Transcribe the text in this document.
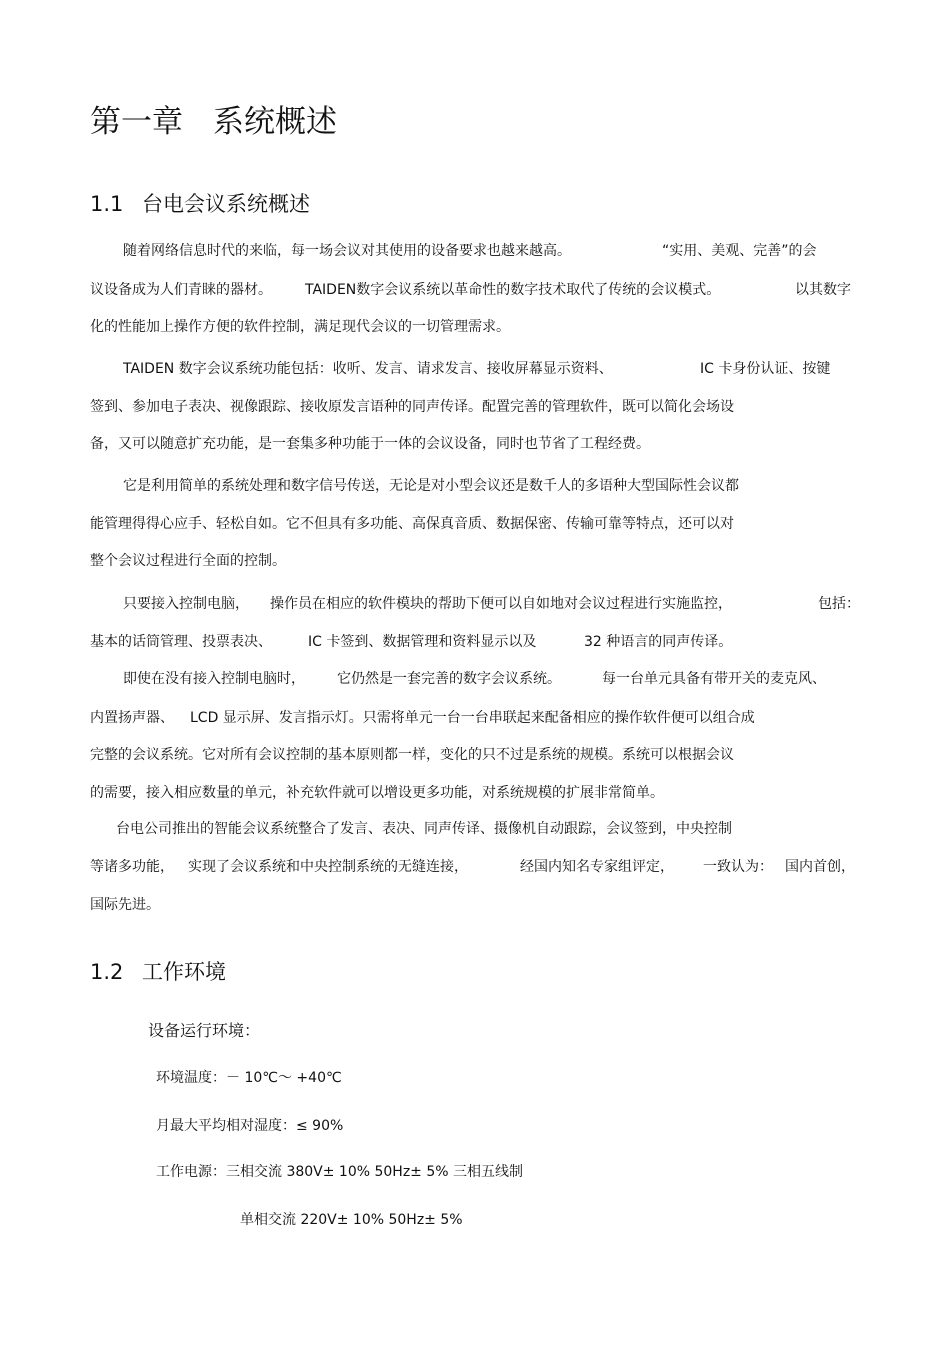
第一章 系统概述
1.1 台电会议系统概述
随着网络信息时代的来临，每一场会议对其使用的设备要求也越来越高。	“实用、美观、完善”的会
议设备成为人们青睐的器材。 TAIDEN数字会议系统以革命性的数字技术取代了传统的会议模式。	以其数字
化的性能加上操作方便的软件控制，满足现代会议的一切管理需求。
TAIDEN 数字会议系统功能包括：收听、发言、请求发言、接收屏幕显示资料、	IC 卡身份认证、按键
签到、参加电子表决、视像跟踪、接收原发言语种的同声传译。配置完善的管理软件，既可以简化会场设
备，又可以随意扩充功能，是一套集多种功能于一体的会议设备，同时也节省了工程经费。
它是利用简单的系统处理和数字信号传送，无论是对小型会议还是数千人的多语种大型国际性会议都
能管理得得心应手、轻松自如。它不但具有多功能、高保真音质、数据保密、传输可靠等特点，还可以对
整个会议过程进行全面的控制。
只要接入控制电脑， 操作员在相应的软件模块的帮助下便可以自如地对会议过程进行实施监控，	包括：
基本的话筒管理、投票表决、	IC 卡签到、数据管理和资料显示以及	32 种语言的同声传译。
即使在没有接入控制电脑时， 它仍然是一套完善的数字会议系统。	每一台单元具备有带开关的麦克风、
内置扬声器、 LCD 显示屏、发言指示灯。只需将单元一台一台串联起来配备相应的操作软件便可以组合成
完整的会议系统。它对所有会议控制的基本原则都一样，变化的只不过是系统的规模。系统可以根据会议
的需要，接入相应数量的单元，补充软件就可以增设更多功能，对系统规模的扩展非常简单。
台电公司推出的智能会议系统整合了发言、表决、同声传译、摄像机自动跟踪，会议签到，中央控制
等诸多功能， 实现了会议系统和中央控制系统的无缝连接，	经国内知名专家组评定， 一致认为： 国内首创，
国际先进。
1.2 工作环境
设备运行环境：
环境温度：－ 10℃～ +40℃
月最大平均相对湿度：≤ 90%
工作电源：三相交流 380V± 10% 50Hz± 5% 三相五线制
单相交流 220V± 10% 50Hz± 5%
